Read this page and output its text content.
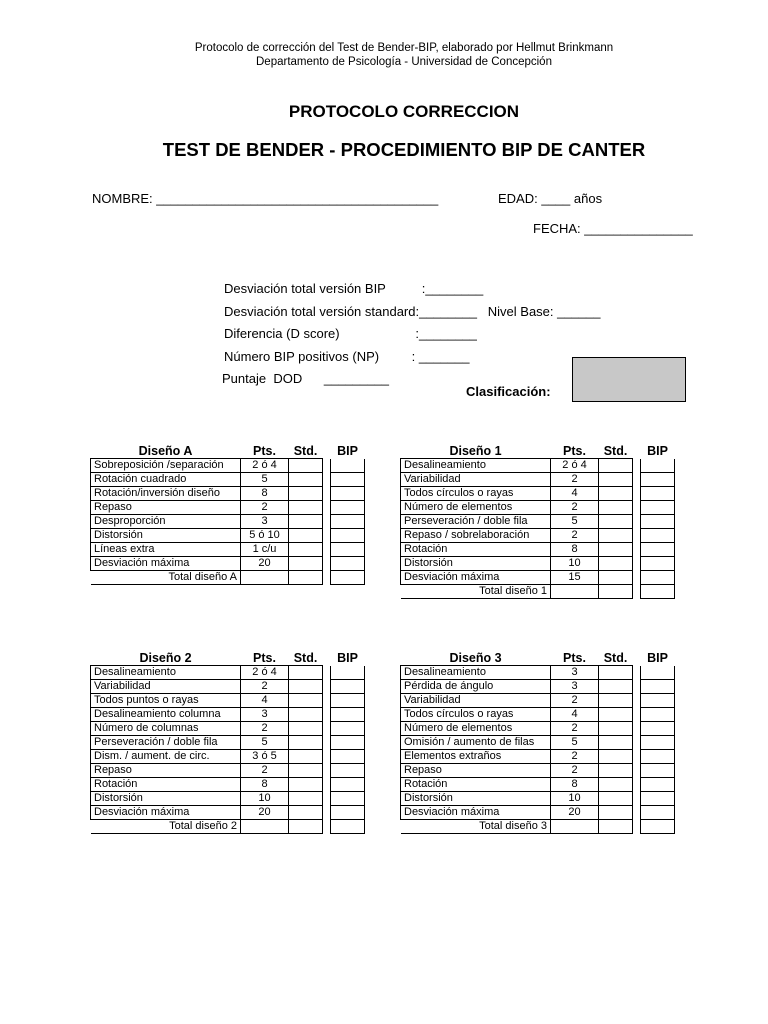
Protocolo de corrección del Test de Bender-BIP, elaborado por Hellmut Brinkmann
Departamento de Psicología - Universidad de Concepción
PROTOCOLO CORRECCION
TEST DE BENDER - PROCEDIMIENTO BIP DE CANTER
NOMBRE: _______________________________________	EDAD: ____ años
FECHA: _______________
Desviación total versión BIP          :________
Desviación total versión standard:________   Nivel Base: ______
Diferencia (D score)                     :________
Número BIP positivos (NP)         : _______
Puntaje  DOD      _________
Clasificación:
Diseño A	Pts.	Std.		BIP
Sobreposición /separación	2 ó 4			
Rotación cuadrado	5			
Rotación/inversión diseño	8			
Repaso	2			
Desproporción	3			
Distorsión	5 ó 10			
Líneas extra	1 c/u			
Desviación máxima	20			
Total diseño A				
Diseño 1	Pts.	Std.		BIP
Desalineamiento	2 ó 4			
Variabilidad	2			
Todos círculos o rayas	4			
Número de elementos	2			
Perseveración / doble fila	5			
Repaso / sobrelaboración	2			
Rotación	8			
Distorsión	10			
Desviación máxima	15			
Total diseño 1				
Diseño 2	Pts.	Std.		BIP
Desalineamiento	2 ó 4			
Variabilidad	2			
Todos puntos o rayas	4			
Desalineamiento columna	3			
Número de columnas	2			
Perseveración / doble fila	5			
Dism. / aument. de circ.	3 ó 5			
Repaso	2			
Rotación	8			
Distorsión	10			
Desviación máxima	20			
Total diseño 2				
Diseño 3	Pts.	Std.		BIP
Desalineamiento	3			
Pérdida de ángulo	3			
Variabilidad	2			
Todos círculos o rayas	4			
Número de elementos	2			
Omisión / aumento de filas	5			
Elementos extraños	2			
Repaso	2			
Rotación	8			
Distorsión	10			
Desviación máxima	20			
Total diseño 3				
